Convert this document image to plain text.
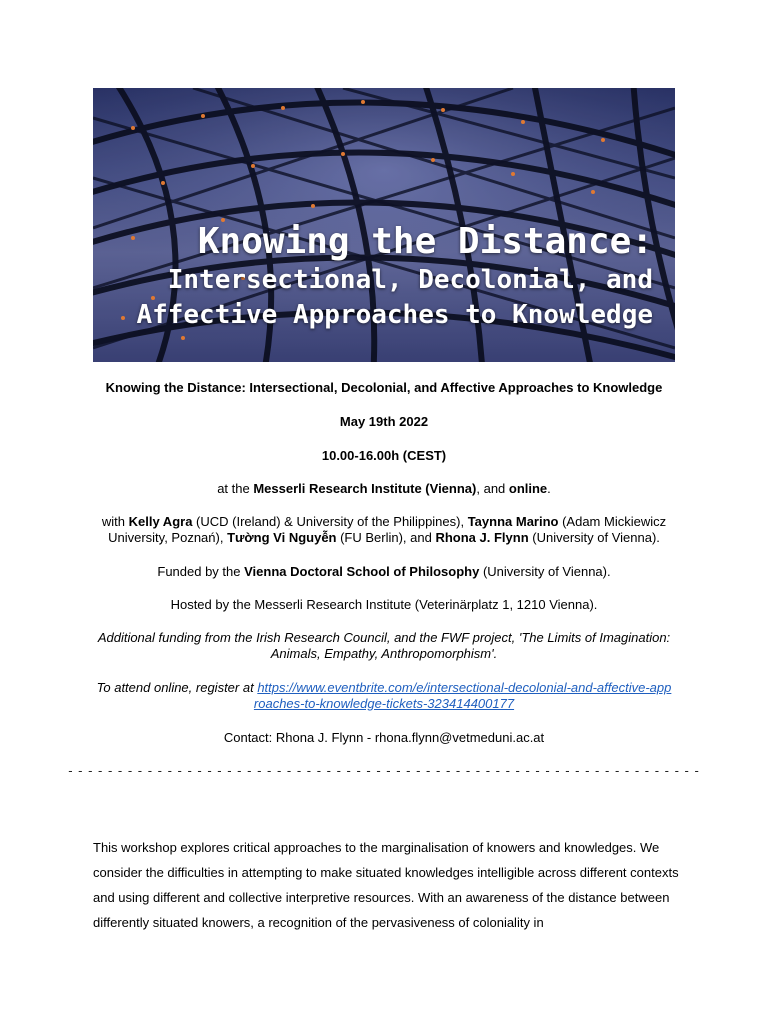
Knowing the Distance:
Intersectional, Decolonial, and
Affective Approaches to Knowledge
Knowing the Distance: Intersectional, Decolonial, and Affective Approaches to Knowledge
May 19th 2022
10.00-16.00h (CEST)
at the Messerli Research Institute (Vienna), and online.
with Kelly Agra (UCD (Ireland) & University of the Philippines), Taynna Marino (Adam Mickiewicz University, Poznań), Tường Vi Nguyễn (FU Berlin), and Rhona J. Flynn (University of Vienna).
Funded by the Vienna Doctoral School of Philosophy (University of Vienna).
Hosted by the Messerli Research Institute (Veterinärplatz 1, 1210 Vienna).
Additional funding from the Irish Research Council, and the FWF project, 'The Limits of Imagination: Animals, Empathy, Anthropomorphism'.
To attend online, register at https://www.eventbrite.com/e/intersectional-decolonial-and-affective-approaches-to-knowledge-tickets-323414400177
Contact: Rhona J. Flynn - rhona.flynn@vetmeduni.ac.at
- - - - - - - - - - - - - - - - - - - - - - - - - - - - - - - - - - - - - - - - - - - - - - - - - - - - - - - - - - - - - - - -
This workshop explores critical approaches to the marginalisation of knowers and knowledges. We consider the difficulties in attempting to make situated knowledges intelligible across different contexts and using different and collective interpretive resources. With an awareness of the distance between differently situated knowers, a recognition of the pervasiveness of coloniality in
